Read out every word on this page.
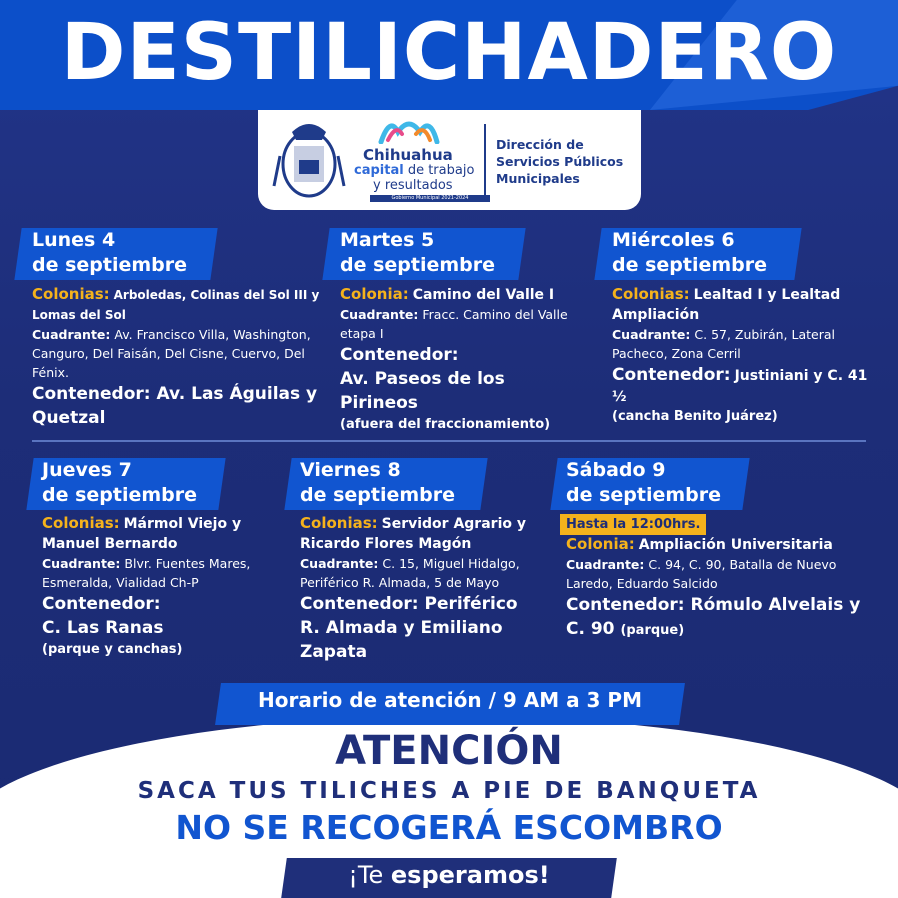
DESTILICHADERO
Chihuahua
capital de trabajo
y resultados
Gobierno Municipal 2021-2024
Dirección de Servicios Públicos Municipales
Lunes 4
de septiembre
Colonias: Arboledas, Colinas del Sol III y Lomas del Sol
Cuadrante: Av. Francisco Villa, Washington, Canguro, Del Faisán, Del Cisne, Cuervo, Del Fénix.
Contenedor: Av. Las Águilas y Quetzal
Martes 5
de septiembre
Colonia: Camino del Valle I
Cuadrante: Fracc. Camino del Valle etapa I
Contenedor:
Av. Paseos de los Pirineos
(afuera del fraccionamiento)
Miércoles 6
de septiembre
Colonias: Lealtad I y Lealtad Ampliación
Cuadrante: C. 57, Zubirán, Lateral Pacheco, Zona Cerril
Contenedor: Justiniani y C. 41 ½
(cancha Benito Juárez)
Jueves 7
de septiembre
Colonias: Mármol Viejo y Manuel Bernardo
Cuadrante: Blvr. Fuentes Mares, Esmeralda, Vialidad Ch-P
Contenedor:
C. Las Ranas
(parque y canchas)
Viernes 8
de septiembre
Colonias: Servidor Agrario y Ricardo Flores Magón
Cuadrante: C. 15, Miguel Hidalgo, Periférico R. Almada, 5 de Mayo
Contenedor: Periférico R. Almada y Emiliano Zapata
Sábado 9
de septiembre
Hasta la 12:00hrs.
Colonia: Ampliación Universitaria
Cuadrante: C. 94, C. 90, Batalla de Nuevo Laredo, Eduardo Salcido
Contenedor: Rómulo Alvelais y C. 90 (parque)
Horario de atención / 9 AM a 3 PM
ATENCIÓN
SACA TUS TILICHES A PIE DE BANQUETA
NO SE RECOGERÁ ESCOMBRO
¡Te esperamos!
